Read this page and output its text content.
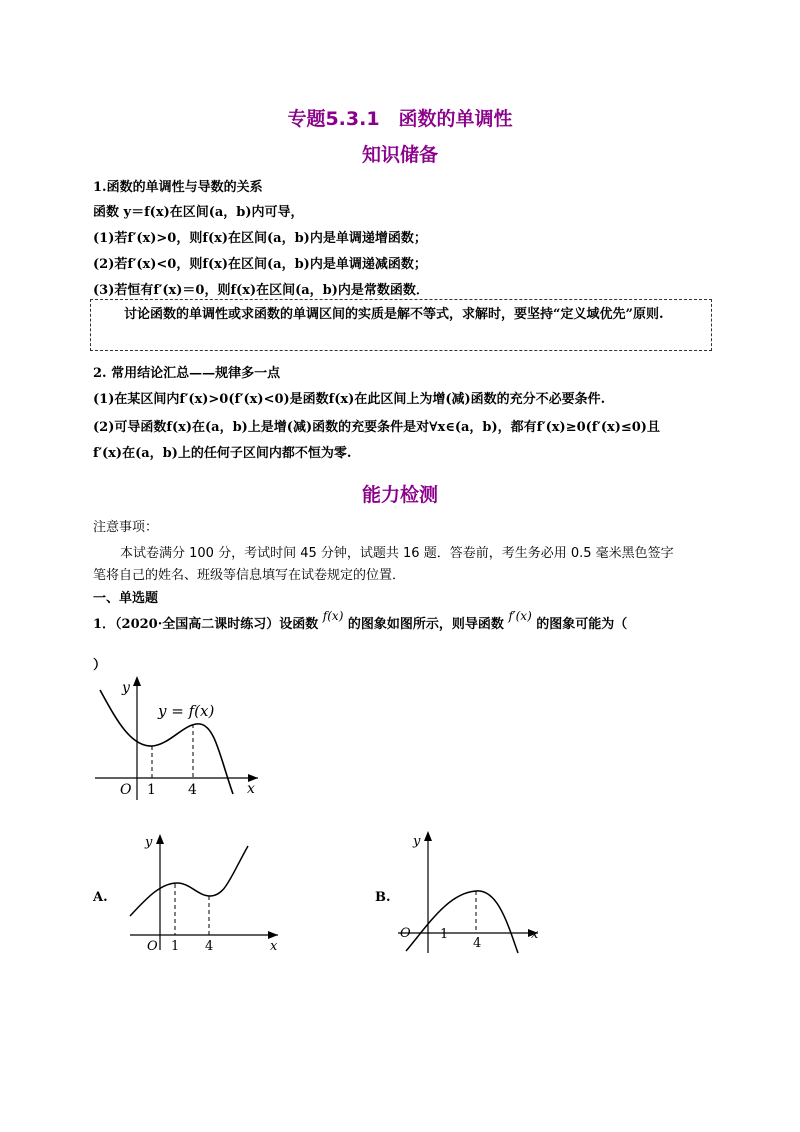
专题5.3.1　函数的单调性
知识储备
1.函数的单调性与导数的关系
函数 y＝f(x)在区间(a，b)内可导，
(1)若f′(x)>0，则f(x)在区间(a，b)内是单调递增函数；
(2)若f′(x)<0，则f(x)在区间(a，b)内是单调递减函数；
(3)若恒有f′(x)＝0，则f(x)在区间(a，b)内是常数函数．
讨论函数的单调性或求函数的单调区间的实质是解不等式，求解时，要坚持“定义域优先”原则.
2. 常用结论汇总——规律多一点
(1)在某区间内f′(x)>0(f′(x)<0)是函数f(x)在此区间上为增(减)函数的充分不必要条件.
(2)可导函数f(x)在(a，b)上是增(减)函数的充要条件是对∀x∈(a，b)，都有f′(x)≥0(f′(x)≤0)且
f′(x)在(a，b)上的任何子区间内都不恒为零.
能力检测
注意事项：
本试卷满分 100 分，考试时间 45 分钟，试题共 16 题．答卷前，考生务必用 0.5 毫米黑色签字
笔将自己的姓名、班级等信息填写在试卷规定的位置．
一、单选题
1．（2020·全国高二课时练习）设函数 f(x) 的图象如图所示，则导函数 f′(x) 的图象可能为（
）
y
x
O 1 4
y = f(x)
A.
y
x
O 1 4
B.
y
x
O 1
4
